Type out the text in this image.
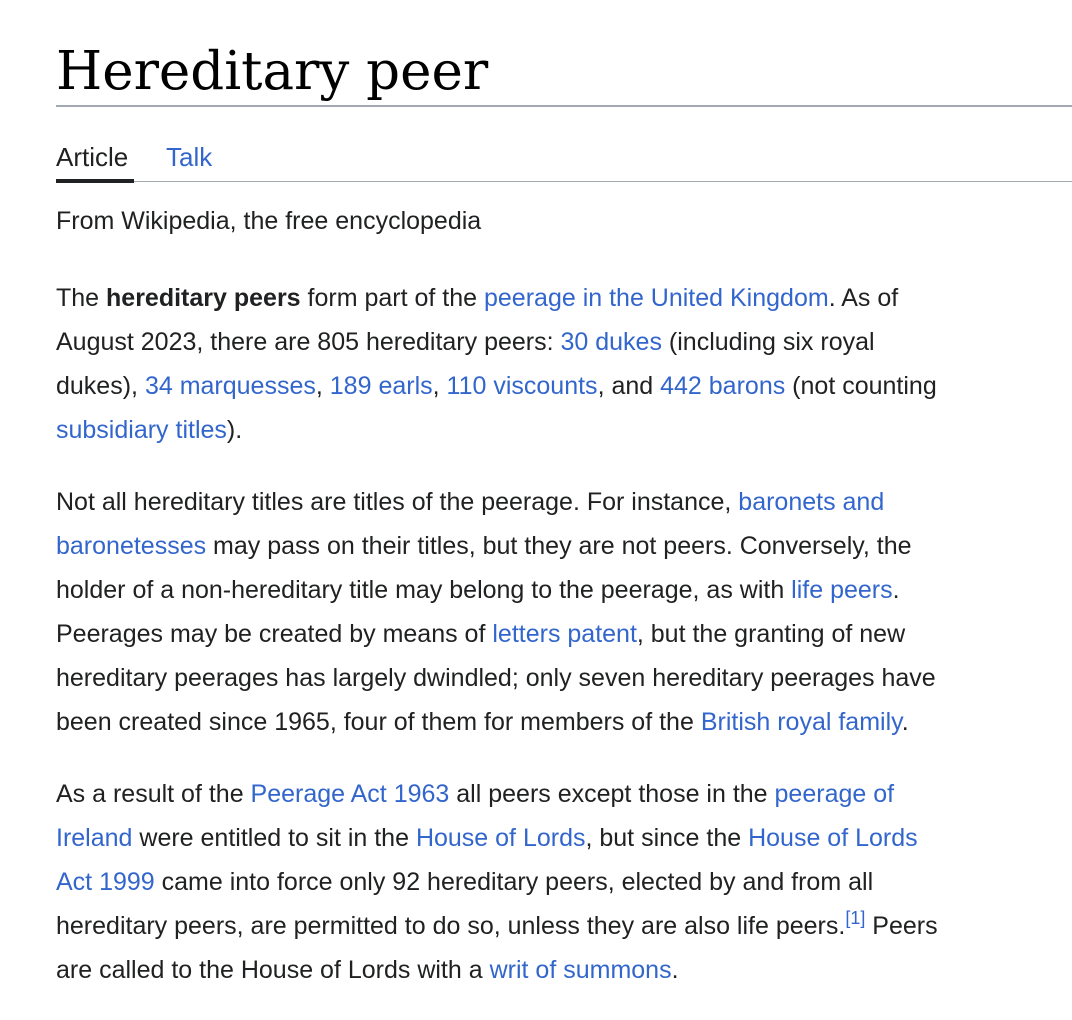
Hereditary peer
Article Talk
From Wikipedia, the free encyclopedia

The hereditary peers form part of the peerage in the United Kingdom. As of
August 2023, there are 805 hereditary peers: 30 dukes (including six royal
dukes), 34 marquesses, 189 earls, 110 viscounts, and 442 barons (not counting
subsidiary titles).

Not all hereditary titles are titles of the peerage. For instance, baronets and
baronetesses may pass on their titles, but they are not peers. Conversely, the
holder of a non-hereditary title may belong to the peerage, as with life peers.
Peerages may be created by means of letters patent, but the granting of new
hereditary peerages has largely dwindled; only seven hereditary peerages have
been created since 1965, four of them for members of the British royal family.

As a result of the Peerage Act 1963 all peers except those in the peerage of
Ireland were entitled to sit in the House of Lords, but since the House of Lords
Act 1999 came into force only 92 hereditary peers, elected by and from all
hereditary peers, are permitted to do so, unless they are also life peers.[1] Peers
are called to the House of Lords with a writ of summons.
